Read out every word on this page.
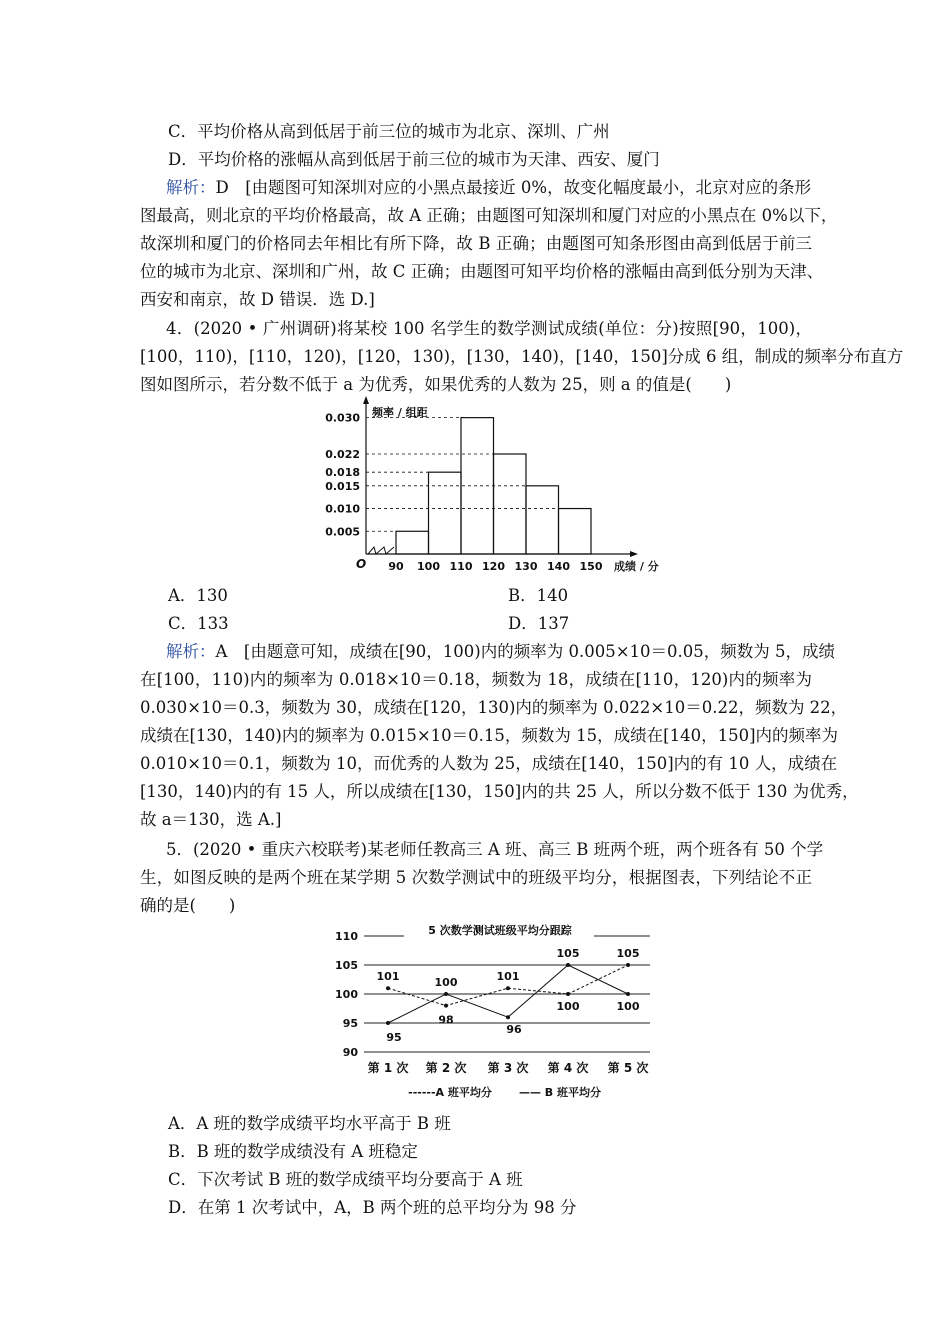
C．平均价格从高到低居于前三位的城市为北京、深圳、广州
D．平均价格的涨幅从高到低居于前三位的城市为天津、西安、厦门
解析：D　[由题图可知深圳对应的小黑点最接近 0%，故变化幅度最小，北京对应的条形
图最高，则北京的平均价格最高，故 A 正确；由题图可知深圳和厦门对应的小黑点在 0%以下，
故深圳和厦门的价格同去年相比有所下降，故 B 正确；由题图可知条形图由高到低居于前三
位的城市为北京、深圳和广州，故 C 正确；由题图可知平均价格的涨幅由高到低分别为天津、
西安和南京，故 D 错误．选 D.]
4．(2020 • 广州调研)将某校 100 名学生的数学测试成绩(单位：分)按照[90，100)，
[100，110)，[110，120)，[120，130)，[130，140)，[140，150]分成 6 组，制成的频率分布直方
图如图所示，若分数不低于 a 为优秀，如果优秀的人数为 25，则 a 的值是(　　)
0.005
0.010
0.015
0.018
0.022
0.030
90 100 110 120 130 140 150
O
频率 / 组距
成绩 / 分
A．130	B．140
C．133	D．137
解析：A　[由题意可知，成绩在[90，100)内的频率为 0.005×10＝0.05，频数为 5，成绩
在[100，110)内的频率为 0.018×10＝0.18，频数为 18，成绩在[110，120)内的频率为
0.030×10＝0.3，频数为 30，成绩在[120，130)内的频率为 0.022×10＝0.22，频数为 22，
成绩在[130，140)内的频率为 0.015×10＝0.15，频数为 15，成绩在[140，150]内的频率为
0.010×10＝0.1，频数为 10，而优秀的人数为 25，成绩在[140，150]内的有 10 人，成绩在
[130，140)内的有 15 人，所以成绩在[130，150]内的共 25 人，所以分数不低于 130 为优秀，
故 a＝130，选 A.]
5．(2020 • 重庆六校联考)某老师任教高三 A 班、高三 B 班两个班，两个班各有 50 个学
生，如图反映的是两个班在某学期 5 次数学测试中的班级平均分，根据图表，下列结论不正
确的是(　　)
90
95
100
105
110	5 次数学测试班级平均分跟踪
101
98
101
100
105
95
100
96
105
100
第 1 次 第 2 次 第 3 次 第 4 次 第 5 次
------A 班平均分 —— B 班平均分
A．A 班的数学成绩平均水平高于 B 班
B．B 班的数学成绩没有 A 班稳定
C．下次考试 B 班的数学成绩平均分要高于 A 班
D．在第 1 次考试中，A，B 两个班的总平均分为 98 分
